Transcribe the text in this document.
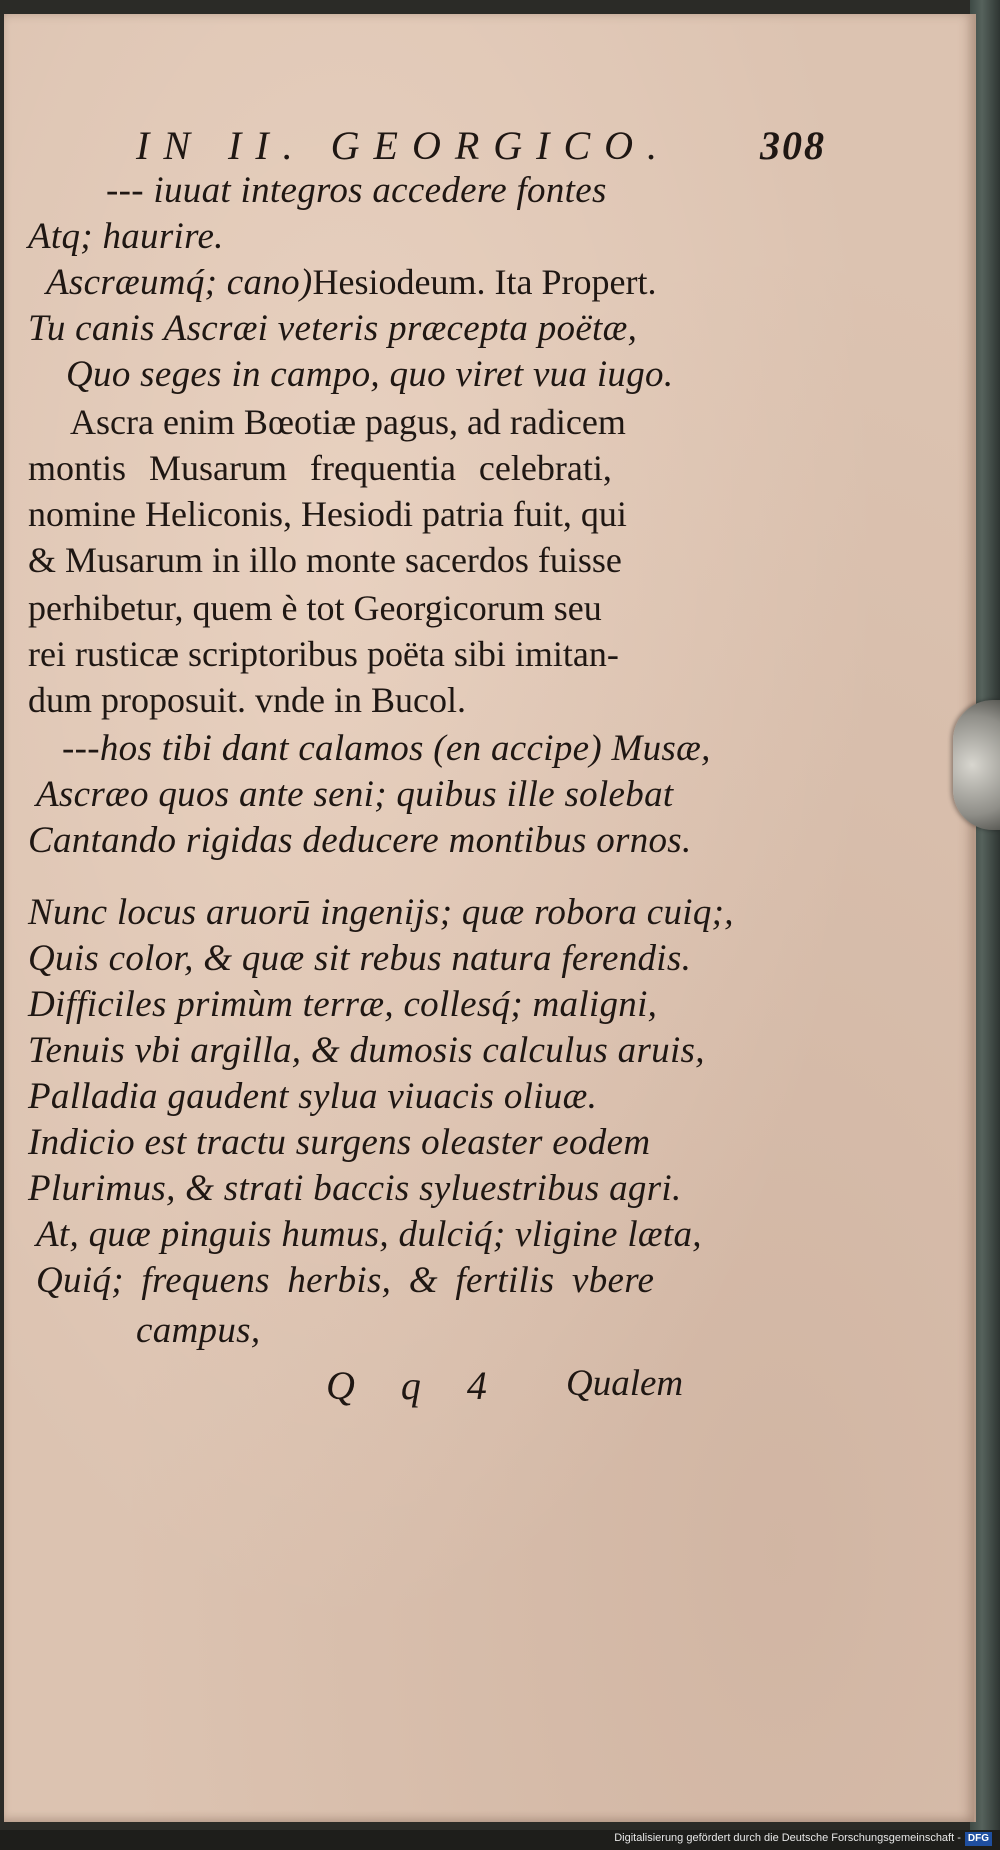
IN II. GEORGICO. 308
--- iuuat integros accedere fontes
Atq; haurire.
Ascræumq́; cano)Hesiodeum. Ita Propert.
Tu canis Ascræi veteris præcepta poëtæ,
Quo seges in campo, quo viret vua iugo.
Ascra enim Bœotiæ pagus, ad radicem
montis Musarum frequentia celebrati,
nomine Heliconis, Hesiodi patria fuit, qui
& Musarum in illo monte sacerdos fuisse
perhibetur, quem è tot Georgicorum seu
rei rusticæ scriptoribus poëta sibi imitan-
dum proposuit. vnde in Bucol.
---hos tibi dant calamos (en accipe) Musæ,
Ascræo quos ante seni; quibus ille solebat
Cantando rigidas deducere montibus ornos.
Nunc locus aruorū ingenijs; quæ robora cuiq;,
Quis color, & quæ sit rebus natura ferendis.
Difficiles primùm terræ, collesq́; maligni,
Tenuis vbi argilla, & dumosis calculus aruis,
Palladia gaudent sylua viuacis oliuæ.
Indicio est tractu surgens oleaster eodem
Plurimus, & strati baccis syluestribus agri.
At, quæ pinguis humus, dulciq́; vligine læta,
Quiq́; frequens herbis, & fertilis vbere
campus,
Q q 4 Qualem
Digitalisierung gefördert durch die Deutsche Forschungsgemeinschaft - DFG
